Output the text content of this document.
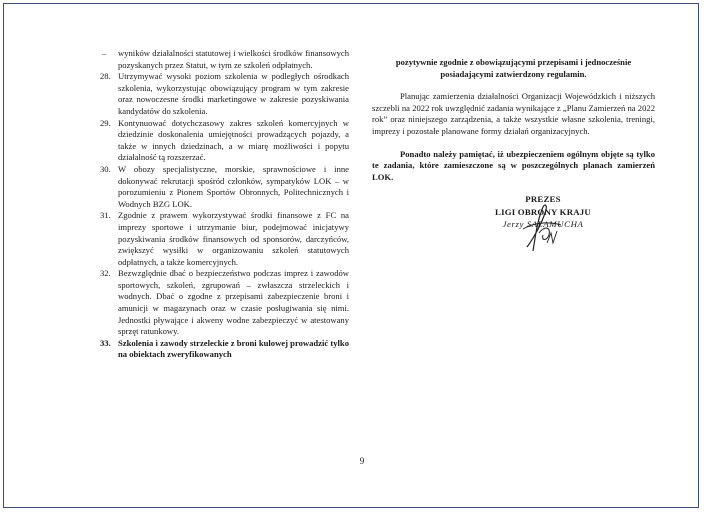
– wyników działalności statutowej i wielkości środków finansowych pozyskanych przez Statut, w tym ze szkoleń odpłatnych.
28. Utrzymywać wysoki poziom szkolenia w podległych ośrodkach szkolenia, wykorzystując obowiązujący program w tym zakresie oraz nowoczesne środki marketingowe w zakresie pozyskiwania kandydatów do szkolenia.
29. Kontynuować dotychczasowy zakres szkoleń komercyjnych w dziedzinie doskonalenia umiejętności prowadzących pojazdy, a także w innych dziedzinach, a w miarę możliwości i popytu działalność tą rozszerzać.
30. W obozy specjalistyczne, morskie, sprawnościowe i inne dokonywać rekrutacji spośród członków, sympatyków LOK – w porozumieniu z Pionem Sportów Obronnych, Politechnicznych i Wodnych BZG LOK.
31. Zgodnie z prawem wykorzystywać środki finansowe z FC na imprezy sportowe i utrzymanie biur, podejmować inicjatywy pozyskiwania środków finansowych od sponsorów, darczyńców, zwiększyć wysiłki w organizowaniu szkoleń statutowych odpłatnych, a także komercyjnych.
32. Bezwzględnie dbać o bezpieczeństwo podczas imprez i zawodów sportowych, szkoleń, zgrupowań – zwłaszcza strzeleckich i wodnych. Dbać o zgodne z przepisami zabezpieczenie broni i amunicji w magazynach oraz w czasie posługiwania się nimi. Jednostki pływające i akweny wodne zabezpieczyć w atestowany sprzęt ratunkowy.
33. Szkolenia i zawody strzeleckie z broni kulowej prowadzić tylko na obiektach zweryfikowanych

pozytywnie zgodnie z obowiązującymi przepisami i jednocześnie posiadającymi zatwierdzony regulamin.

Planując zamierzenia działalności Organizacji Wojewódzkich i niższych szczebli na 2022 rok uwzględnić zadania wynikające z „Planu Zamierzeń na 2022 rok” oraz niniejszego zarządzenia, a także wszystkie własne szkolenia, treningi, imprezy i pozostałe planowane formy działań organizacyjnych.

Ponadto należy pamiętać, iż ubezpieczeniem ogólnym objęte są tylko te zadania, które zamieszczone są w poszczególnych planach zamierzeń LOK.

PREZES
LIGI OBRONY KRAJU
Jerzy SALAMUCHA
9
